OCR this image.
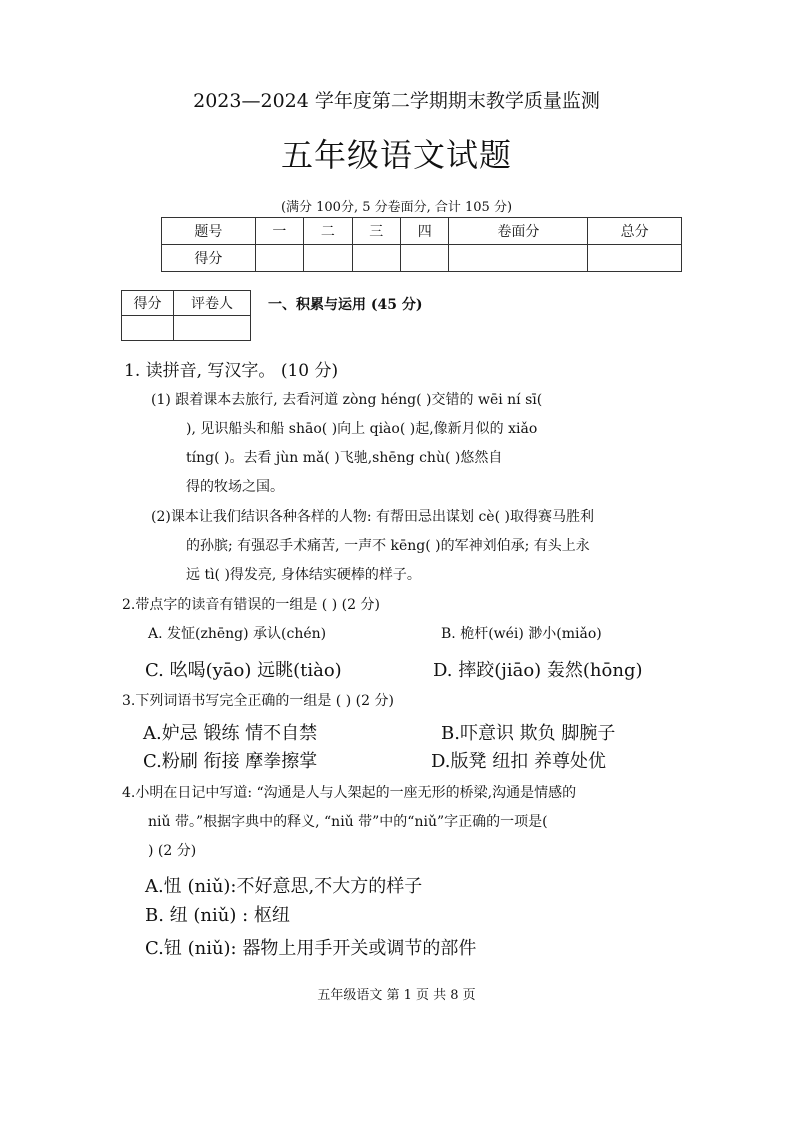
2023—2024 学年度第二学期期末教学质量监测
五年级语文试题
(满分 100分, 5 分卷面分, 合计 105 分)
题号	一	二	三	四	卷面分	总分
得分						
得分	评卷人
		一、积累与运用 (45 分)
1. 读拼音, 写汉字。 (10 分)
(1) 跟着课本去旅行, 去看河道 zòng héng( )交错的 wēi ní sī(
), 见识船头和船 shāo( )向上 qiào( )起,像新月似的 xiǎo
tíng( )。去看 jùn mǎ( )飞驰,shēng chù( )悠然自
得的牧场之国。
(2)课本让我们结识各种各样的人物: 有帮田忌出谋划 cè( )取得赛马胜利
的孙膑; 有强忍手术痛苦, 一声不 kēng( )的军神刘伯承; 有头上永
远 tì( )得发亮, 身体结实硬棒的样子。
2.带点字的读音有错误的一组是 ( ) (2 分)
A. 发怔(zhēng) 承认(chén)	B. 桅杆(wéi) 渺小(miǎo)
C. 吆喝(yāo) 远眺(tiào)	D. 摔跤(jiāo) 轰然(hōng)
3.下列词语书写完全正确的一组是 ( ) (2 分)
A.妒忌 锻练 情不自禁	B.吓意识 欺负 脚腕子
C.粉刷 衔接 摩拳擦掌	D.版凳 纽扣 养尊处优
4.小明在日记中写道: “沟通是人与人架起的一座无形的桥梁,沟通是情感的
niǔ 带。”根据字典中的释义, “niǔ 带”中的“niǔ”字正确的一项是(
) (2 分)
A.忸 (niǔ):不好意思,不大方的样子
B. 纽 (niǔ) : 枢纽
C.钮 (niǔ): 器物上用手开关或调节的部件
五年级语文 第 1 页 共 8 页
